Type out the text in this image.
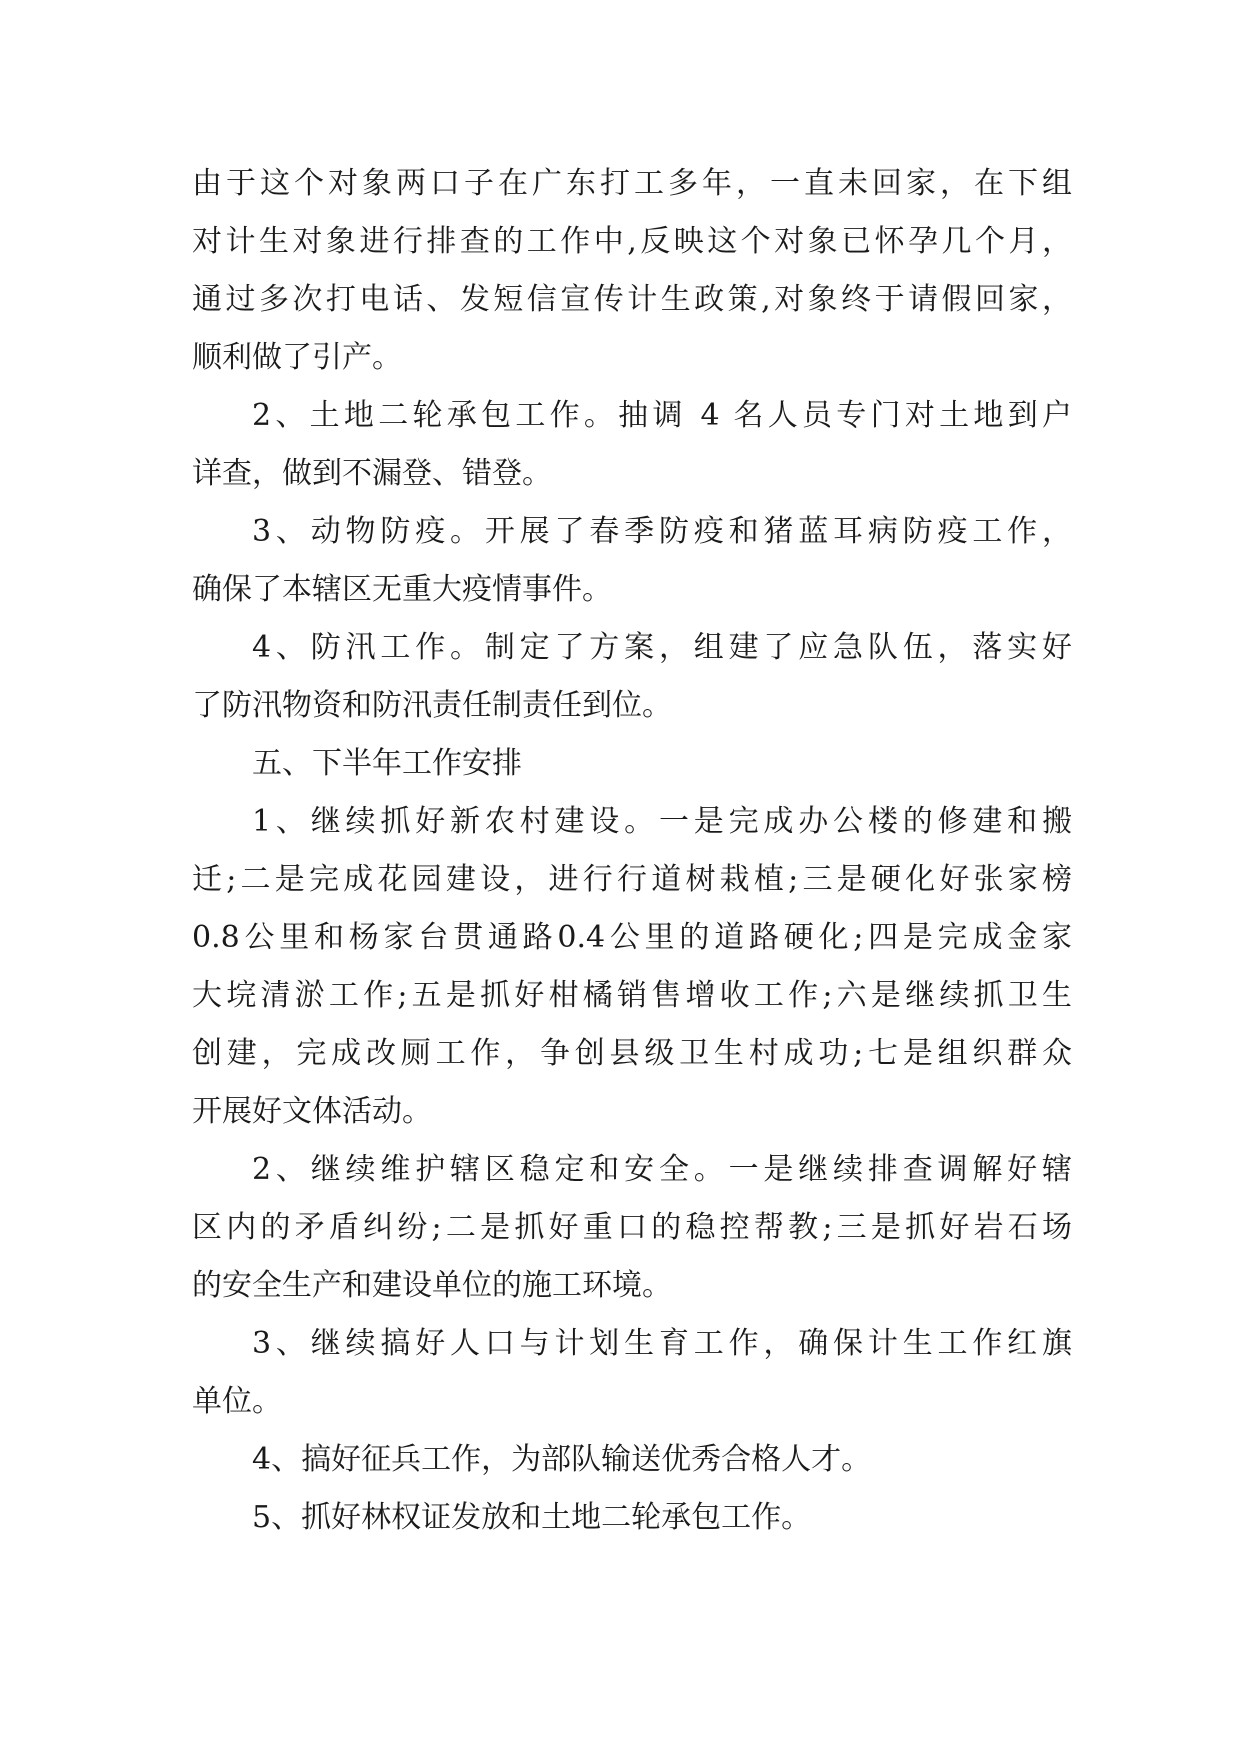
由于这个对象两口子在广东打工多年，一直未回家，在下组
对计生对象进行排查的工作中,反映这个对象已怀孕几个月，
通过多次打电话、发短信宣传计生政策,对象终于请假回家，
顺利做了引产。
2、土地二轮承包工作。抽调 4 名人员专门对土地到户
详查，做到不漏登、错登。
3、动物防疫。开展了春季防疫和猪蓝耳病防疫工作，
确保了本辖区无重大疫情事件。
4、防汛工作。制定了方案，组建了应急队伍，落实好
了防汛物资和防汛责任制责任到位。
五、下半年工作安排
1、继续抓好新农村建设。一是完成办公楼的修建和搬
迁;二是完成花园建设，进行行道树栽植;三是硬化好张家榜
0.8公里和杨家台贯通路0.4公里的道路硬化;四是完成金家
大垸清淤工作;五是抓好柑橘销售增收工作;六是继续抓卫生
创建，完成改厕工作，争创县级卫生村成功;七是组织群众
开展好文体活动。
2、继续维护辖区稳定和安全。一是继续排查调解好辖
区内的矛盾纠纷;二是抓好重口的稳控帮教;三是抓好岩石场
的安全生产和建设单位的施工环境。
3、继续搞好人口与计划生育工作，确保计生工作红旗
单位。
4、搞好征兵工作，为部队输送优秀合格人才。
5、抓好林权证发放和土地二轮承包工作。
